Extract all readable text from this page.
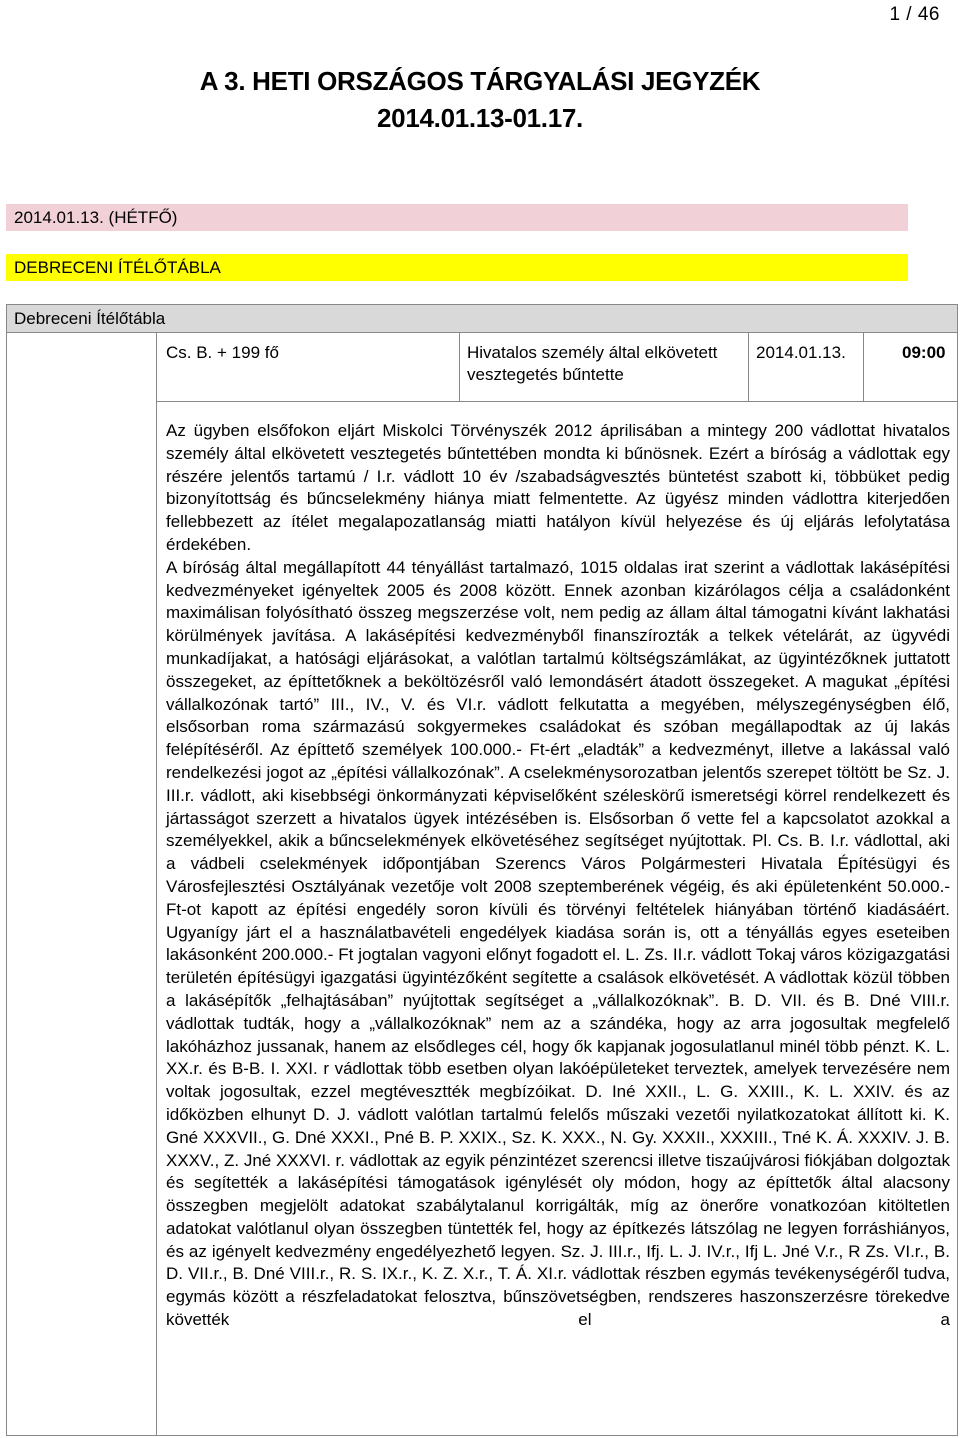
1 / 46
A 3. HETI ORSZÁGOS TÁRGYALÁSI JEGYZÉK
2014.01.13-01.17.
2014.01.13. (HÉTFŐ)
DEBRECENI ÍTÉLŐTÁBLA
Debreceni Ítélőtábla
Cs. B. + 199 fő	Hivatalos személy által elkövetett
vesztegetés bűntette
2014.01.13.	09:00

Az ügyben elsőfokon eljárt Miskolci Törvényszék 2012 áprilisában a mintegy 200 vádlottat hivatalos személy által elkövetett vesztegetés bűntettében mondta ki bűnösnek. Ezért a bíróság a vádlottak egy részére jelentős tartamú / I.r. vádlott 10 év /szabadságvesztés büntetést szabott ki, többüket pedig bizonyítottság és bűncselekmény hiánya miatt felmentette. Az ügyész minden vádlottra kiterjedően fellebbezett az ítélet megalapozatlanság miatti hatályon kívül helyezése és új eljárás lefolytatása érdekében.

A bíróság által megállapított 44 tényállást tartalmazó, 1015 oldalas irat szerint a vádlottak lakásépítési kedvezményeket igényeltek 2005 és 2008 között. Ennek azonban kizárólagos célja a családonként maximálisan folyósítható összeg megszerzése volt, nem pedig az állam által támogatni kívánt lakhatási körülmények javítása. A lakásépítési kedvezményből finanszírozták a telkek vételárát, az ügyvédi munkadíjakat, a hatósági eljárásokat, a valótlan tartalmú költségszámlákat, az ügyintézőknek juttatott összegeket, az építtetőknek a beköltözésről való lemondásért átadott összegeket. A magukat „építési vállalkozónak tartó” III., IV., V. és VI.r. vádlott felkutatta a megyében, mélyszegénységben élő, elsősorban roma származású sokgyermekes családokat és szóban megállapodtak az új lakás felépítéséről. Az építtető személyek 100.000.- Ft-ért „eladták” a kedvezményt, illetve a lakással való rendelkezési jogot az „építési vállalkozónak”. A cselekménysorozatban jelentős szerepet töltött be Sz. J. III.r. vádlott, aki kisebbségi önkormányzati képviselőként széleskörű ismeretségi körrel rendelkezett és jártasságot szerzett a hivatalos ügyek intézésében is. Elsősorban ő vette fel a kapcsolatot azokkal a személyekkel, akik a bűncselekmények elkövetéséhez segítséget nyújtottak. Pl. Cs. B. I.r. vádlottal, aki a vádbeli cselekmények időpontjában Szerencs Város Polgármesteri Hivatala Építésügyi és Városfejlesztési Osztályának vezetője volt 2008 szeptemberének végéig, és aki épületenként 50.000.- Ft-ot kapott az építési engedély soron kívüli és törvényi feltételek hiányában történő kiadásáért. Ugyanígy járt el a használatbavételi engedélyek kiadása során is, ott a tényállás egyes eseteiben lakásonként 200.000.- Ft jogtalan vagyoni előnyt fogadott el. L. Zs. II.r. vádlott Tokaj város közigazgatási területén építésügyi igazgatási ügyintézőként segítette a csalások elkövetését. A vádlottak közül többen a lakásépítők „felhajtásában” nyújtottak segítséget a „vállalkozóknak”. B. D. VII. és B. Dné VIII.r. vádlottak tudták, hogy a „vállalkozóknak” nem az a szándéka, hogy az arra jogosultak megfelelő lakóházhoz jussanak, hanem az elsődleges cél, hogy ők kapjanak jogosulatlanul minél több pénzt. K. L. XX.r. és B-B. I. XXI. r vádlottak több esetben olyan lakóépületeket terveztek, amelyek tervezésére nem voltak jogosultak, ezzel megtévesztték megbízóikat. D. Iné XXII., L. G. XXIII., K. L. XXIV. és az időközben elhunyt D. J. vádlott valótlan tartalmú felelős műszaki vezetői nyilatkozatokat állított ki. K. Gné XXXVII., G. Dné XXXI., Pné B. P. XXIX., Sz. K. XXX., N. Gy. XXXII., XXXIII., Tné K. Á. XXXIV. J. B. XXXV., Z. Jné XXXVI. r. vádlottak az egyik pénzintézet szerencsi illetve tiszaújvárosi fiókjában dolgoztak és segítették a lakásépítési támogatások igénylését oly módon, hogy az építtetők által alacsony összegben megjelölt adatokat szabálytalanul korrigálták, míg az önerőre vonatkozóan kitöltetlen adatokat valótlanul olyan összegben tüntették fel, hogy az építkezés látszólag ne legyen forráshiányos, és az igényelt kedvezmény engedélyezhető legyen. Sz. J. III.r., Ifj. L. J. IV.r., Ifj L. Jné V.r., R Zs. VI.r., B. D. VII.r., B. Dné VIII.r., R. S. IX.r., K. Z. X.r., T. Á. XI.r. vádlottak részben egymás tevékenységéről tudva, egymás között a részfeladatokat felosztva, bűnszövetségben, rendszeres haszonszerzésre törekedve követték el a
